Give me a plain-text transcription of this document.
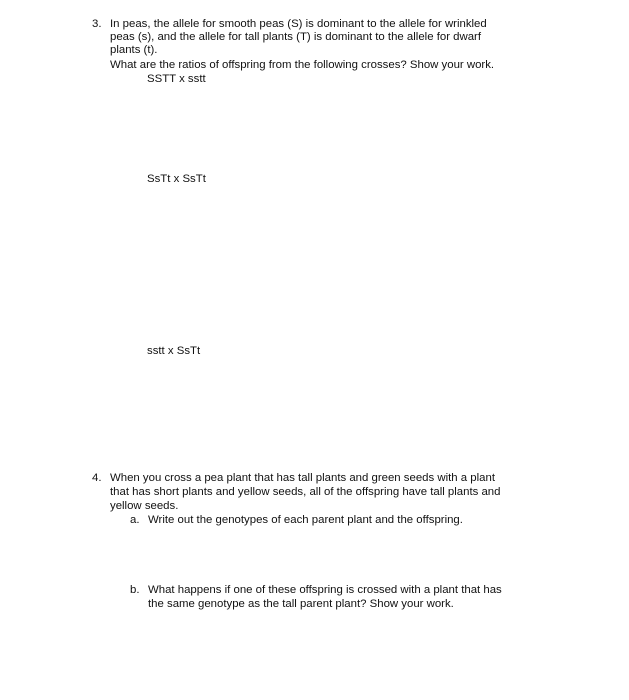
3. In peas, the allele for smooth peas (S) is dominant to the allele for wrinkled
peas (s), and the allele for tall plants (T) is dominant to the allele for dwarf
plants (t).
What are the ratios of offspring from the following crosses? Show your work.
SSTT x sstt
SsTt x SsTt
sstt x SsTt
4. When you cross a pea plant that has tall plants and green seeds with a plant
that has short plants and yellow seeds, all of the offspring have tall plants and
yellow seeds.
a. Write out the genotypes of each parent plant and the offspring.
b. What happens if one of these offspring is crossed with a plant that has
the same genotype as the tall parent plant? Show your work.
